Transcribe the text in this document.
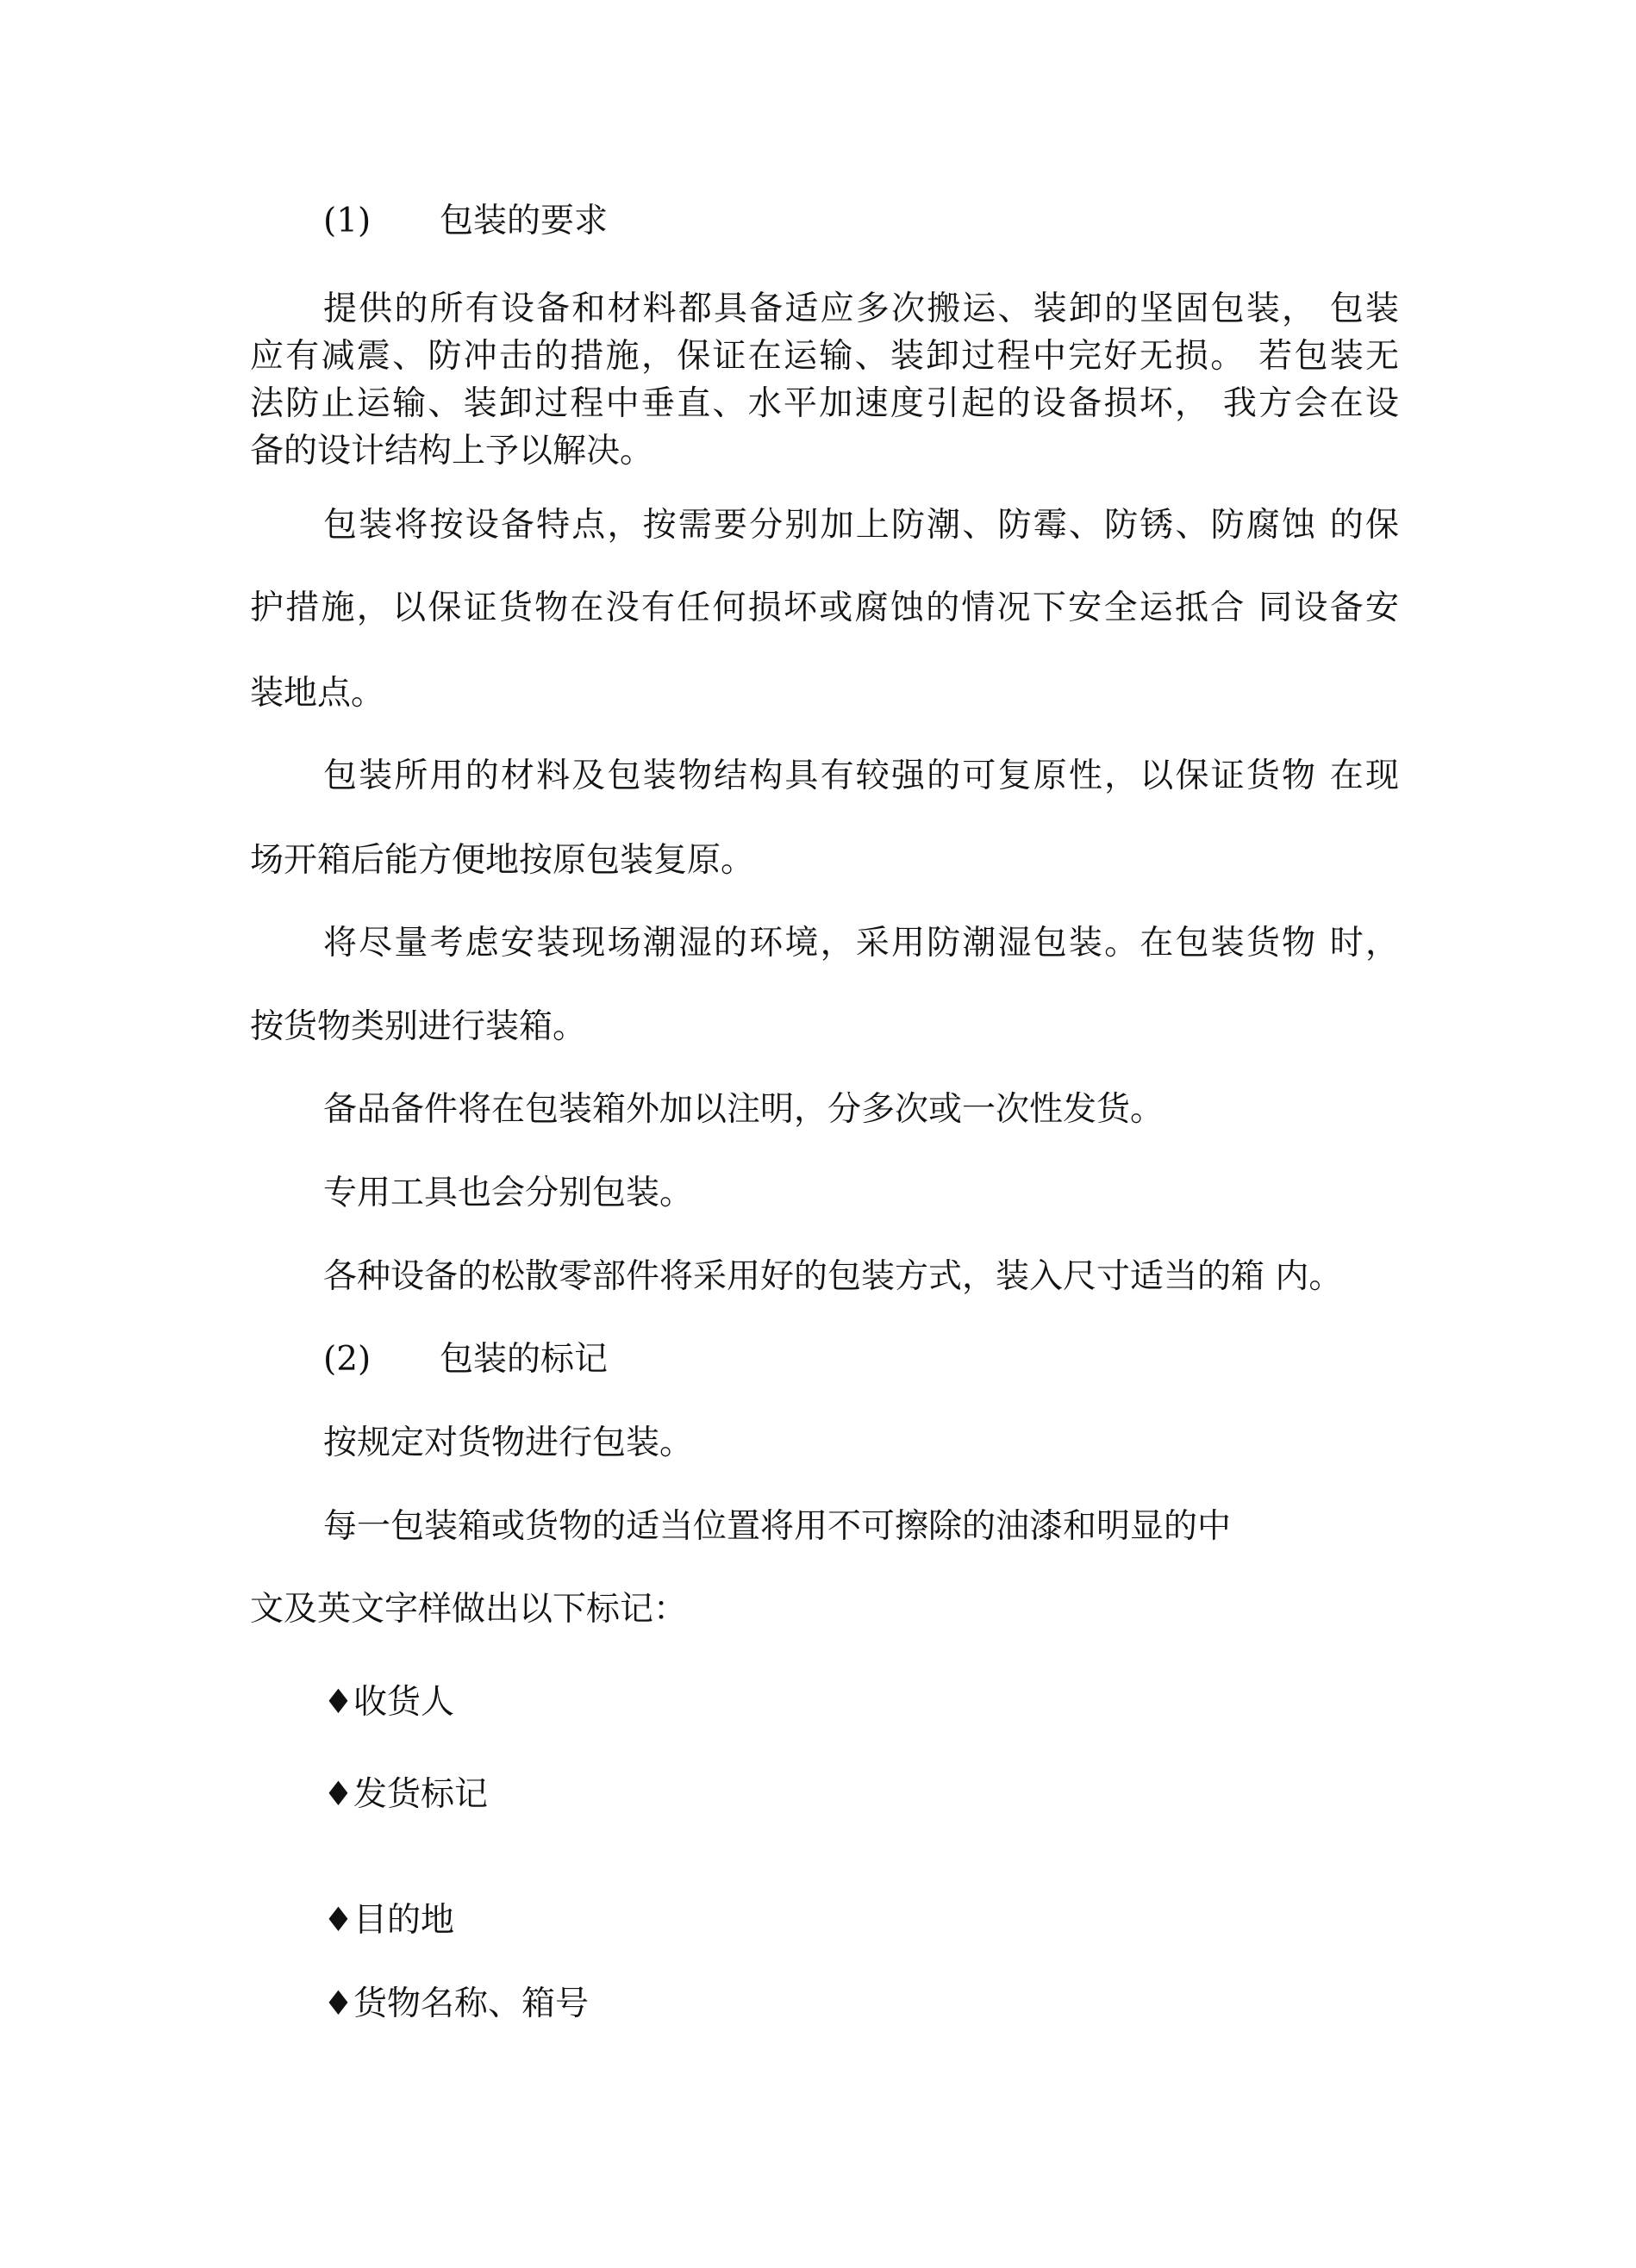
(1) 包装的要求
提供的所有设备和材料都具备适应多次搬运、装卸的坚固包装， 包装
应有减震、防冲击的措施，保证在运输、装卸过程中完好无损。 若包装无
法防止运输、装卸过程中垂直、水平加速度引起的设备损坏， 我方会在设
备的设计结构上予以解决。
包装将按设备特点，按需要分别加上防潮、防霉、防锈、防腐蚀 的保
护措施，以保证货物在没有任何损坏或腐蚀的情况下安全运抵合 同设备安
装地点。
包装所用的材料及包装物结构具有较强的可复原性，以保证货物 在现
场开箱后能方便地按原包装复原。
将尽量考虑安装现场潮湿的环境，采用防潮湿包装。在包装货物 时，
按货物类别进行装箱。
备品备件将在包装箱外加以注明，分多次或一次性发货。
专用工具也会分别包装。
各种设备的松散零部件将采用好的包装方式，装入尺寸适当的箱 内。
(2) 包装的标记
按规定对货物进行包装。
每一包装箱或货物的适当位置将用不可擦除的油漆和明显的中
文及英文字样做出以下标记：
♦收货人
♦发货标记
♦目的地
♦货物名称、箱号
